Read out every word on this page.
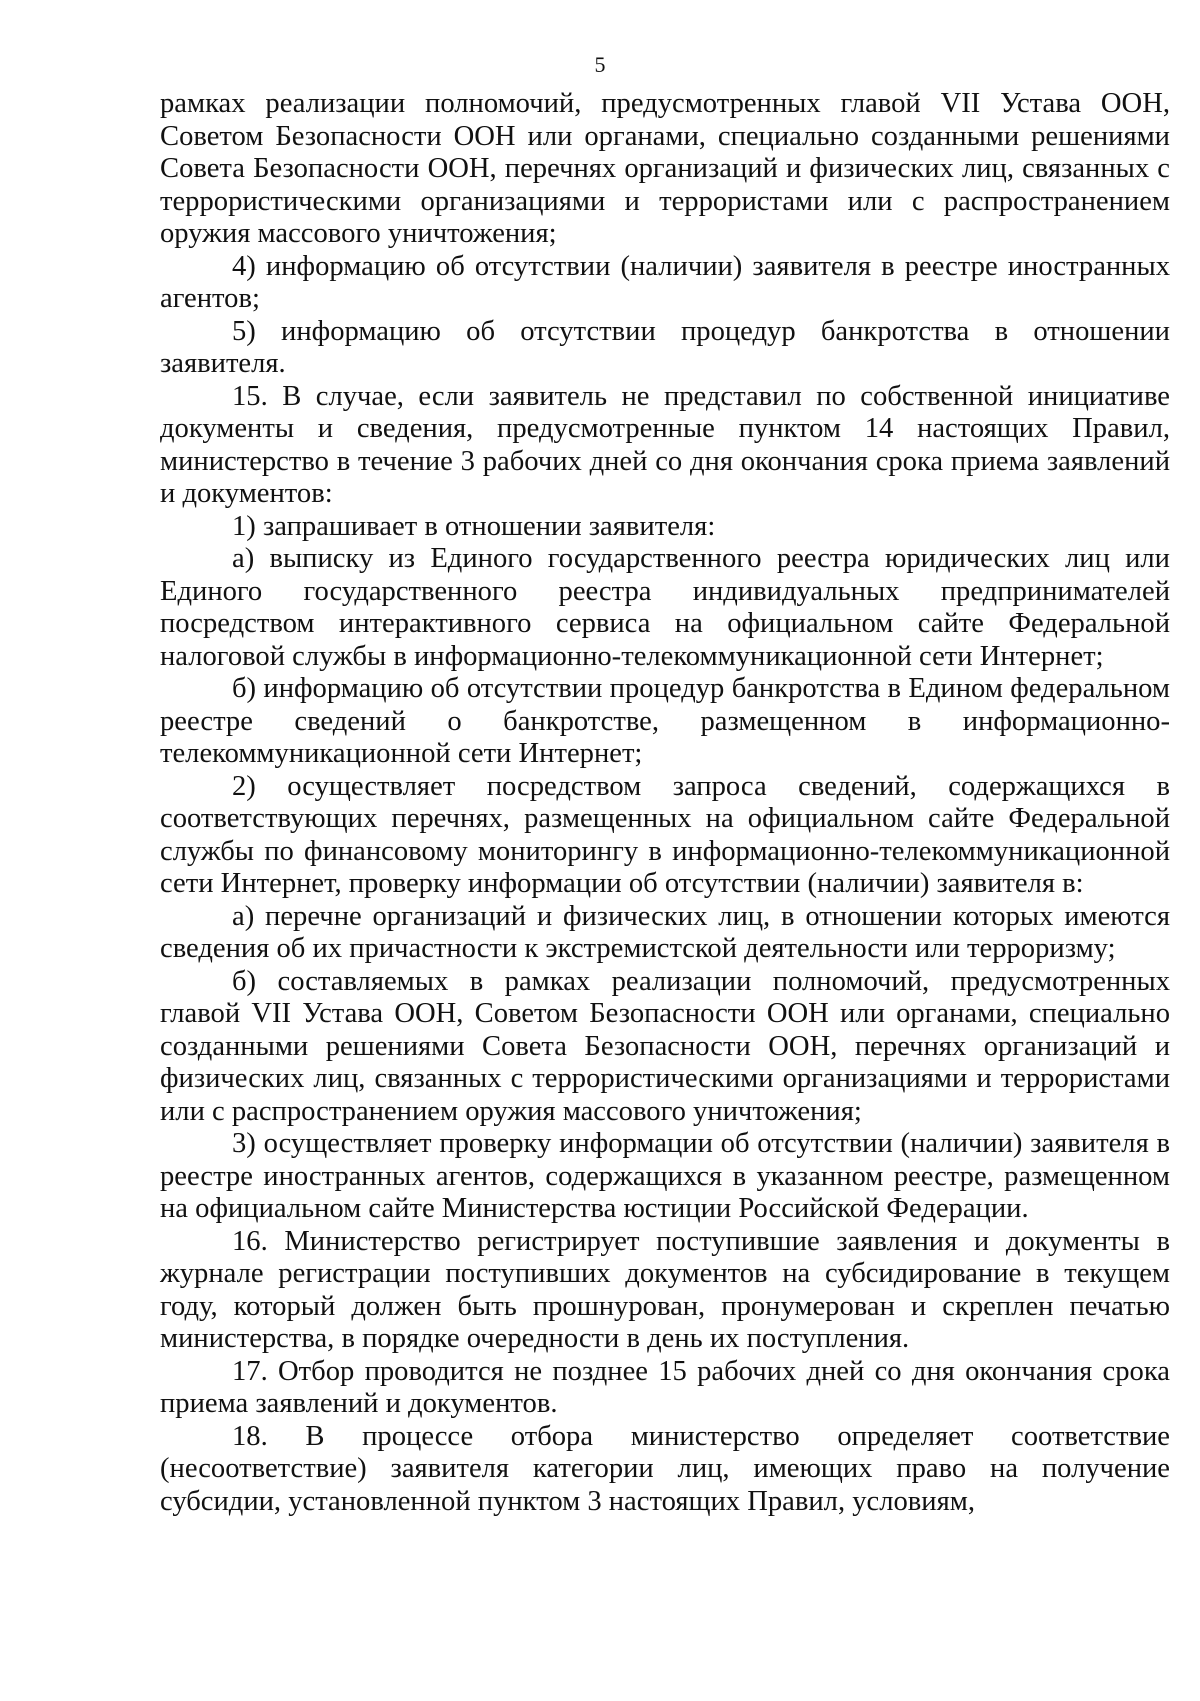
5

рамках реализации полномочий, предусмотренных главой VII Устава ООН, Советом Безопасности ООН или органами, специально созданными решениями Совета Безопасности ООН, перечнях организаций и физических лиц, связанных с террористическими организациями и террористами или с распространением оружия массового уничтожения;

4) информацию об отсутствии (наличии) заявителя в реестре иностранных агентов;

5) информацию об отсутствии процедур банкротства в отношении заявителя.

15. В случае, если заявитель не представил по собственной инициативе документы и сведения, предусмотренные пунктом 14 настоящих Правил, министерство в течение 3 рабочих дней со дня окончания срока приема заявлений и документов:

1) запрашивает в отношении заявителя:

а) выписку из Единого государственного реестра юридических лиц или Единого государственного реестра индивидуальных предпринимателей посредством интерактивного сервиса на официальном сайте Федеральной налоговой службы в информационно-телекоммуникационной сети Интернет;

б) информацию об отсутствии процедур банкротства в Едином федеральном реестре сведений о банкротстве, размещенном в информационно-телекоммуникационной сети Интернет;

2) осуществляет посредством запроса сведений, содержащихся в соответствующих перечнях, размещенных на официальном сайте Федеральной службы по финансовому мониторингу в информационно-телекоммуникационной сети Интернет, проверку информации об отсутствии (наличии) заявителя в:

а) перечне организаций и физических лиц, в отношении которых имеются сведения об их причастности к экстремистской деятельности или терроризму;

б) составляемых в рамках реализации полномочий, предусмотренных главой VII Устава ООН, Советом Безопасности ООН или органами, специально созданными решениями Совета Безопасности ООН, перечнях организаций и физических лиц, связанных с террористическими организациями и террористами или с распространением оружия массового уничтожения;

3) осуществляет проверку информации об отсутствии (наличии) заявителя в реестре иностранных агентов, содержащихся в указанном реестре, размещенном на официальном сайте Министерства юстиции Российской Федерации.

16. Министерство регистрирует поступившие заявления и документы в журнале регистрации поступивших документов на субсидирование в текущем году, который должен быть прошнурован, пронумерован и скреплен печатью министерства, в порядке очередности в день их поступления.

17. Отбор проводится не позднее 15 рабочих дней со дня окончания срока приема заявлений и документов.

18. В процессе отбора министерство определяет соответствие (несоответствие) заявителя категории лиц, имеющих право на получение субсидии, установленной пунктом 3 настоящих Правил, условиям,
